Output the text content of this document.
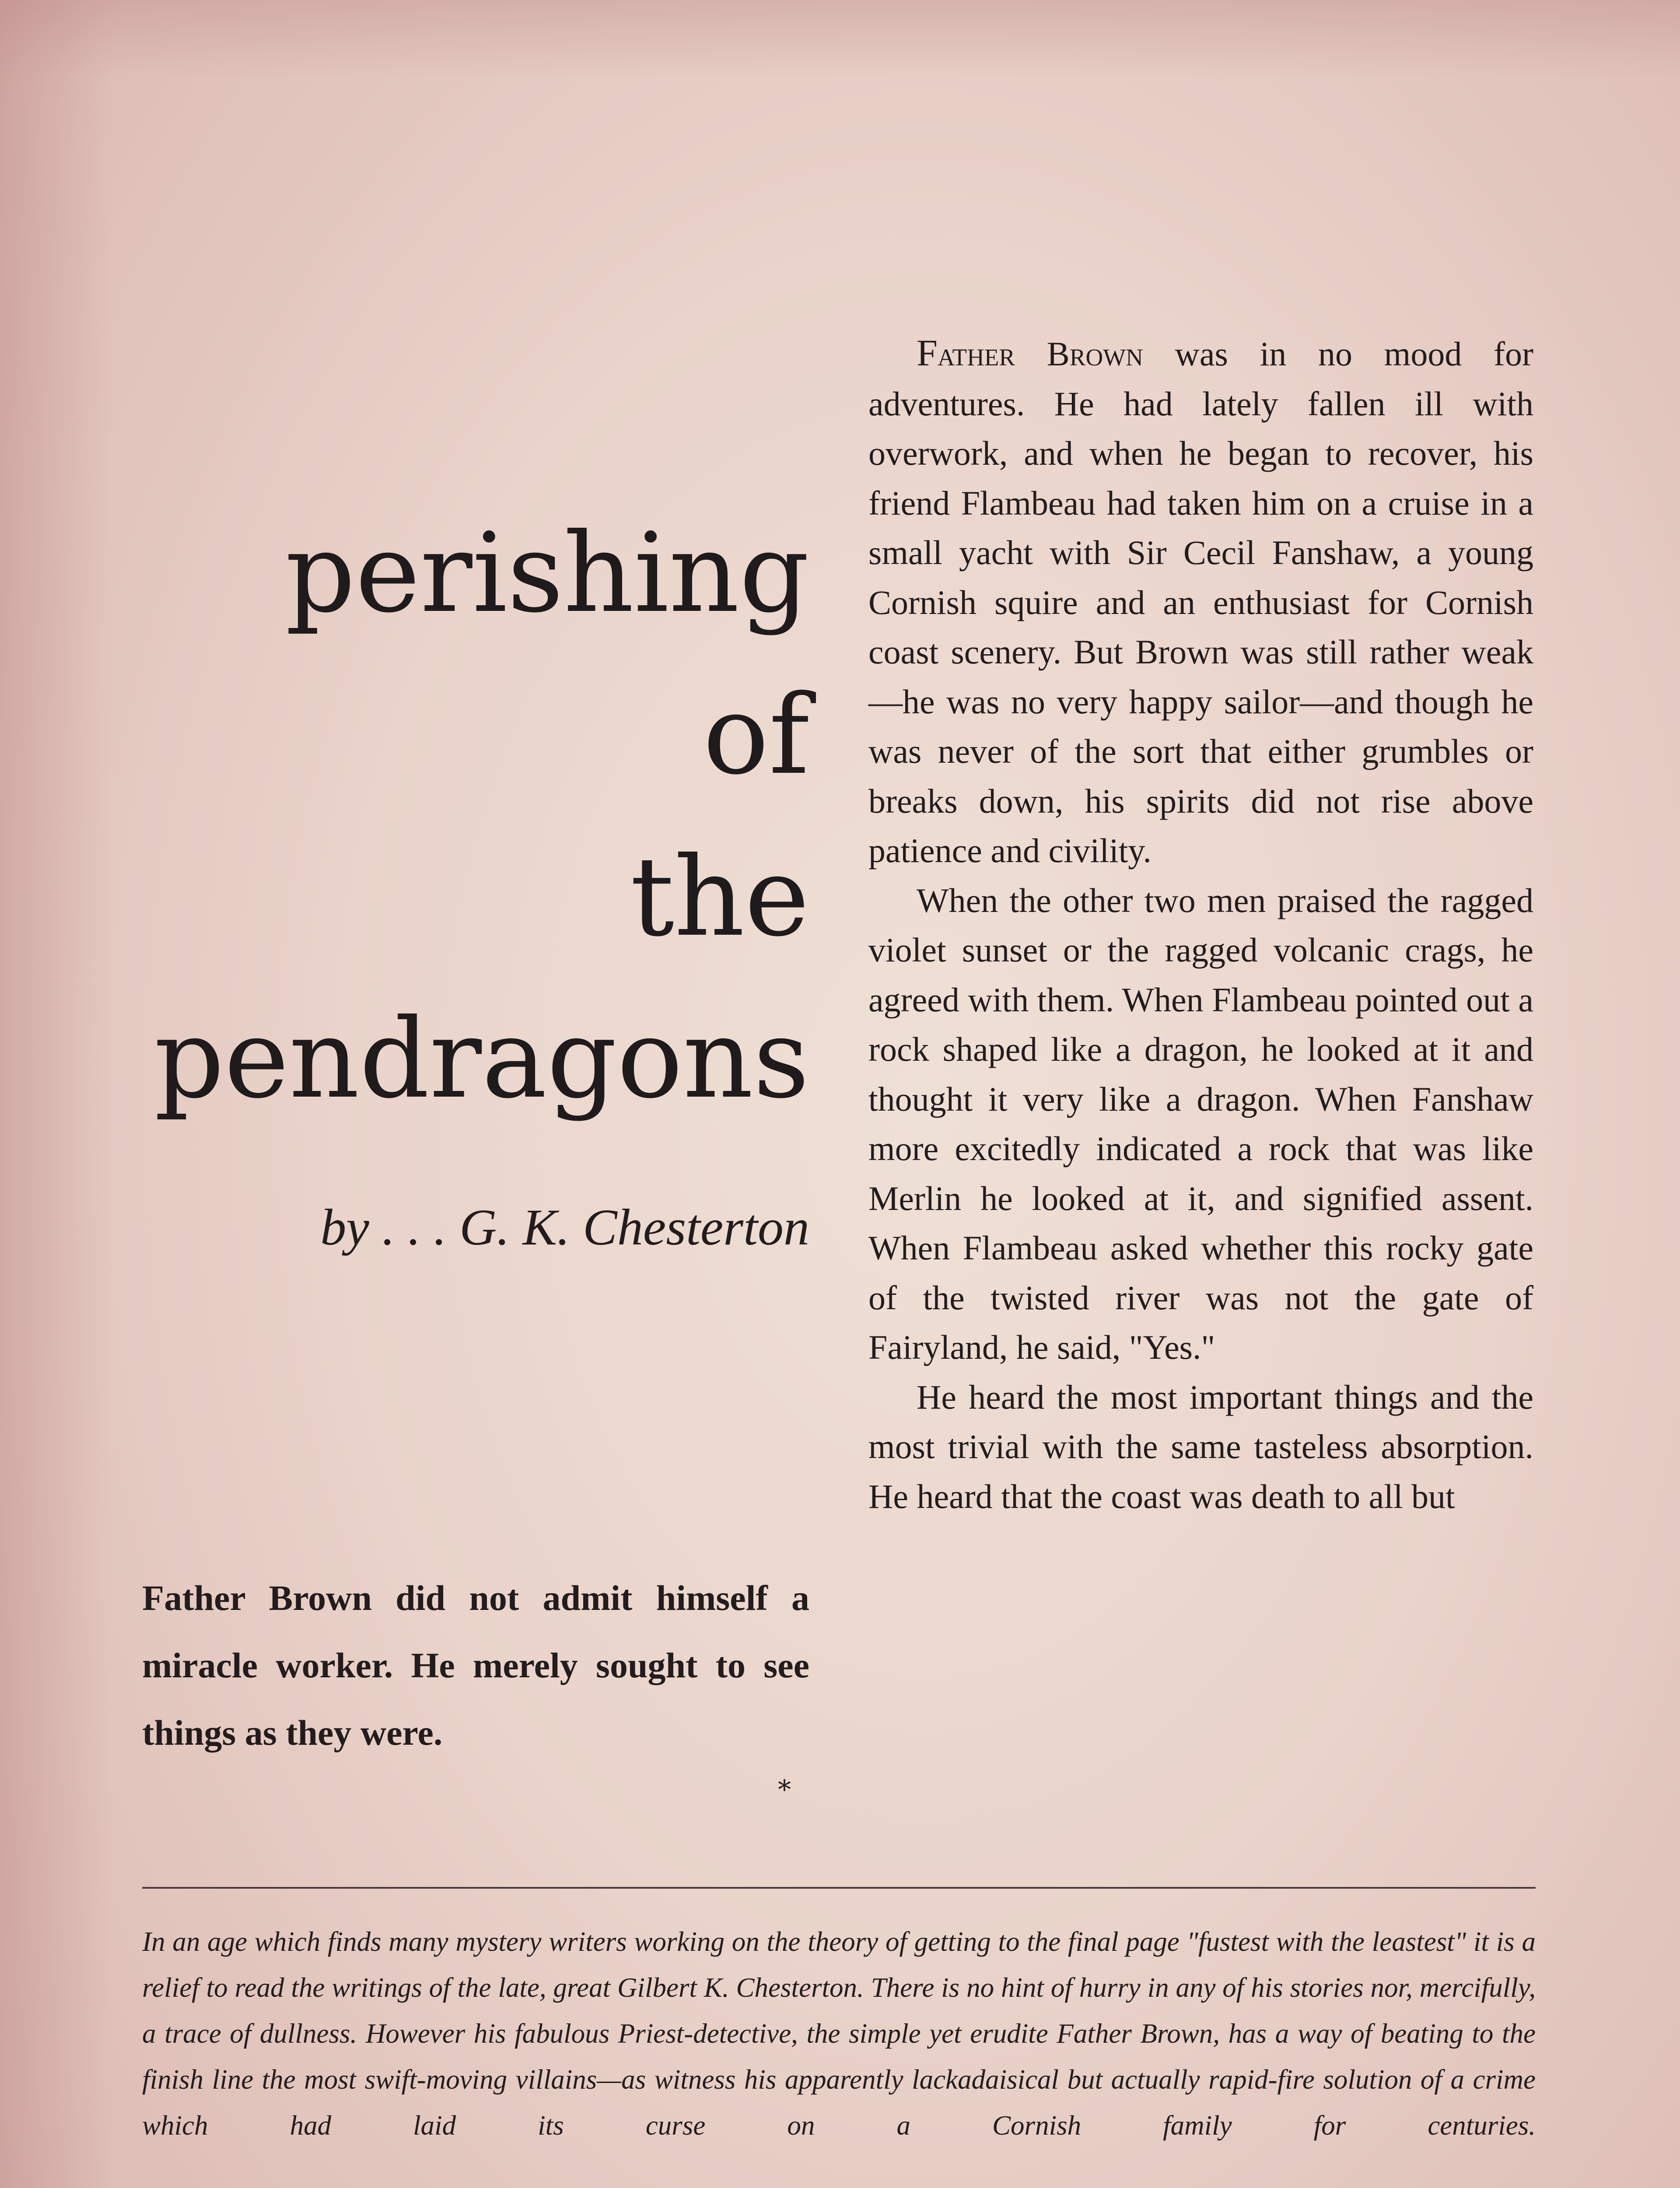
perishing
of
the
pendragons

by . . . G. K. Chesterton

Father Brown did not admit himself a miracle worker. He merely sought to see things as they were.

*

Father Brown was in no mood for adventures. He had lately fallen ill with overwork, and when he began to recover, his friend Flambeau had taken him on a cruise in a small yacht with Sir Cecil Fanshaw, a young Cornish squire and an enthusiast for Cornish coast scenery. But Brown was still rather weak—he was no very happy sailor—and though he was never of the sort that either grumbles or breaks down, his spirits did not rise above patience and civility.

When the other two men praised the ragged violet sunset or the ragged volcanic crags, he agreed with them. When Flambeau pointed out a rock shaped like a dragon, he looked at it and thought it very like a dragon. When Fanshaw more excitedly indicated a rock that was like Merlin he looked at it, and signified assent. When Flambeau asked whether this rocky gate of the twisted river was not the gate of Fairyland, he said, "Yes."

He heard the most important things and the most trivial with the same tasteless absorption. He heard that the coast was death to all but

In an age which finds many mystery writers working on the theory of getting to the final page "fustest with the leastest" it is a relief to read the writings of the late, great Gilbert K. Chesterton. There is no hint of hurry in any of his stories nor, mercifully, a trace of dullness. However his fabulous Priest-detective, the simple yet erudite Father Brown, has a way of beating to the finish line the most swift-moving villains—as witness his apparently lackadaisical but actually rapid-fire solution of a crime which had laid its curse on a Cornish family for centuries.
